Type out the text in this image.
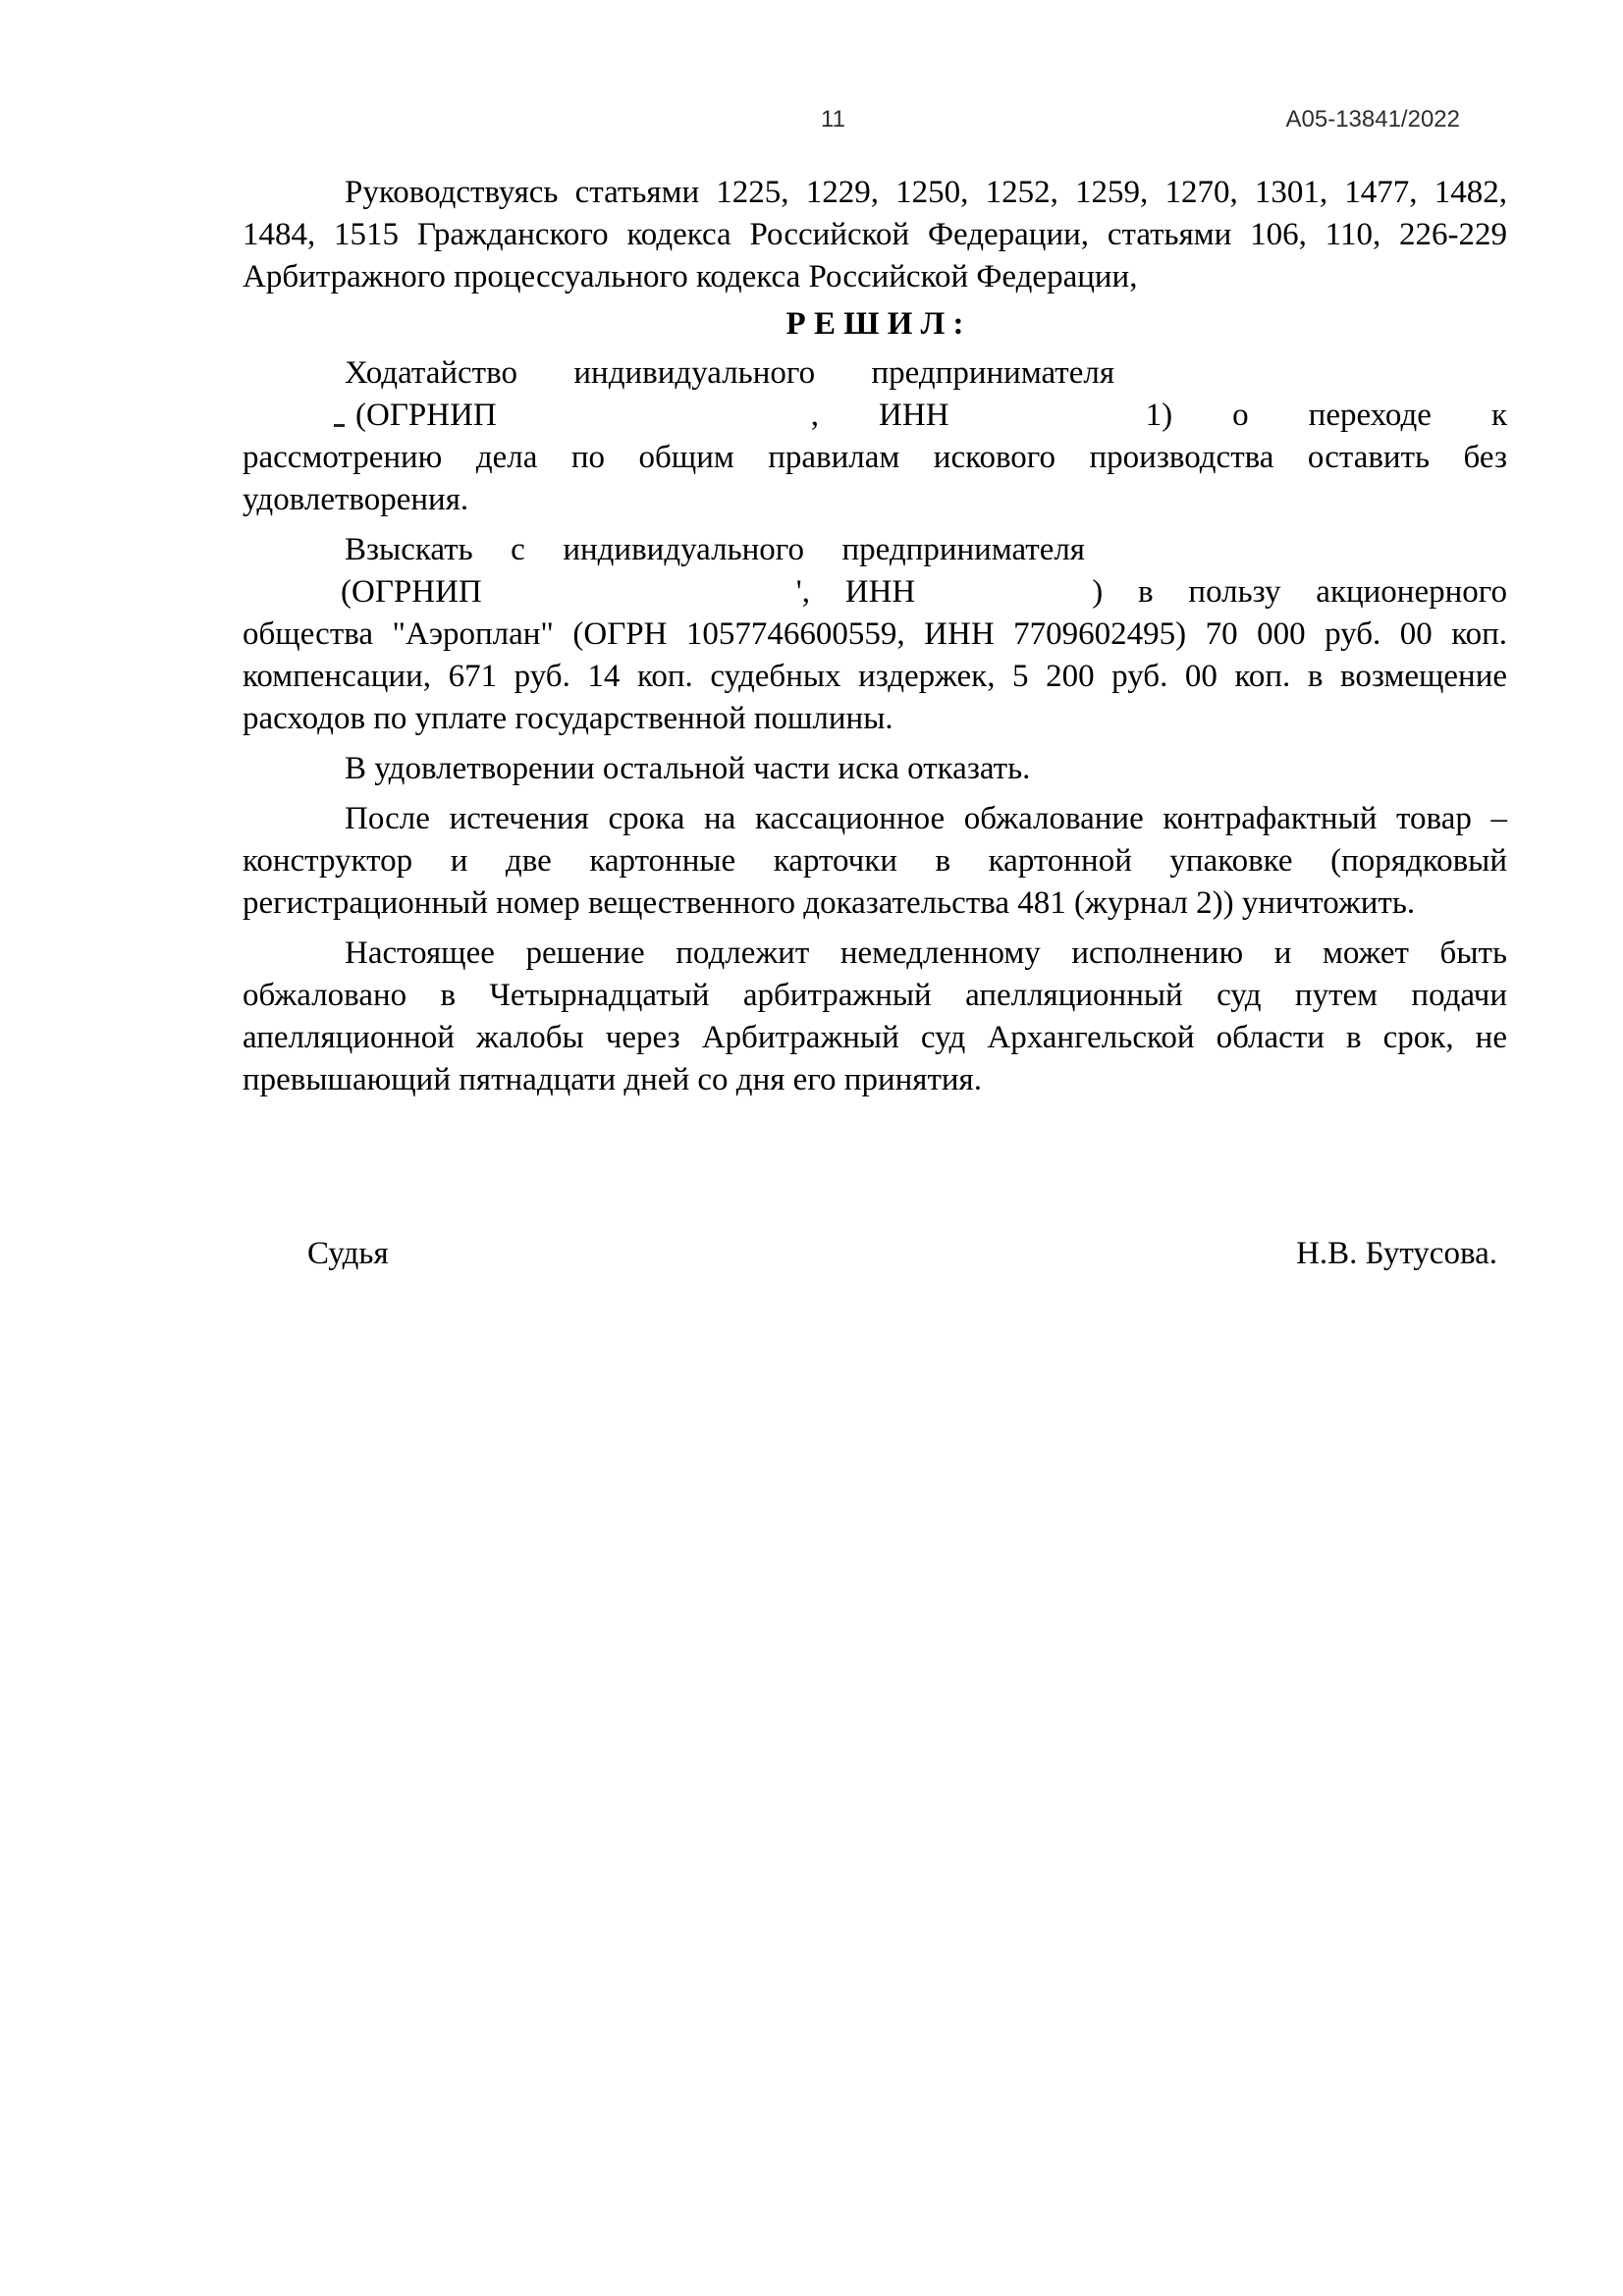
11	А05-13841/2022
Руководствуясь статьями 1225, 1229, 1250, 1252, 1259, 1270, 1301, 1477, 1482,
1484, 1515 Гражданского кодекса Российской Федерации, статьями 106, 110, 226-229
Арбитражного процессуального кодекса Российской Федерации,
Р Е Ш И Л :
Ходатайство индивидуального предпринимателя
(ОГРНИП	, ИНН	1) о переходе к
рассмотрению дела по общим правилам искового производства оставить без
удовлетворения.
Взыскать с индивидуального предпринимателя
(ОГРНИП	', ИНН	) в пользу акционерного
общества "Аэроплан" (ОГРН 1057746600559, ИНН 7709602495) 70 000 руб. 00 коп.
компенсации, 671 руб. 14 коп. судебных издержек, 5 200 руб. 00 коп. в возмещение
расходов по уплате государственной пошлины.
В удовлетворении остальной части иска отказать.
После истечения срока на кассационное обжалование контрафактный товар –
конструктор и две картонные карточки в картонной упаковке (порядковый
регистрационный номер вещественного доказательства 481 (журнал 2)) уничтожить.
Настоящее решение подлежит немедленному исполнению и может быть
обжаловано в Четырнадцатый арбитражный апелляционный суд путем подачи
апелляционной жалобы через Арбитражный суд Архангельской области в срок, не
превышающий пятнадцати дней со дня его принятия.
Судья	Н.В. Бутусова.
